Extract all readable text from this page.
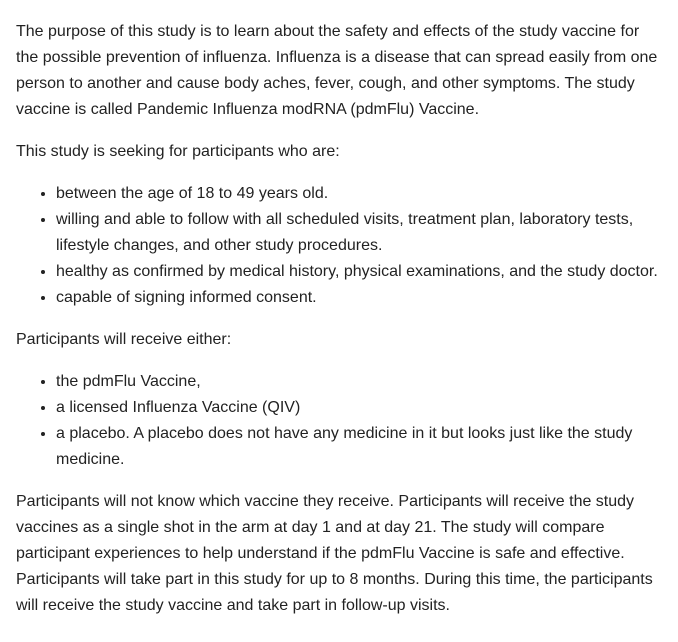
The purpose of this study is to learn about the safety and effects of the study vaccine for the possible prevention of influenza. Influenza is a disease that can spread easily from one person to another and cause body aches, fever, cough, and other symptoms. The study vaccine is called Pandemic Influenza modRNA (pdmFlu) Vaccine.

This study is seeking for participants who are:

• between the age of 18 to 49 years old.
• willing and able to follow with all scheduled visits, treatment plan, laboratory tests, lifestyle changes, and other study procedures.
• healthy as confirmed by medical history, physical examinations, and the study doctor.
• capable of signing informed consent.

Participants will receive either:

• the pdmFlu Vaccine,
• a licensed Influenza Vaccine (QIV)
• a placebo. A placebo does not have any medicine in it but looks just like the study medicine.

Participants will not know which vaccine they receive. Participants will receive the study vaccines as a single shot in the arm at day 1 and at day 21. The study will compare participant experiences to help understand if the pdmFlu Vaccine is safe and effective. Participants will take part in this study for up to 8 months. During this time, the participants will receive the study vaccine and take part in follow-up visits.
